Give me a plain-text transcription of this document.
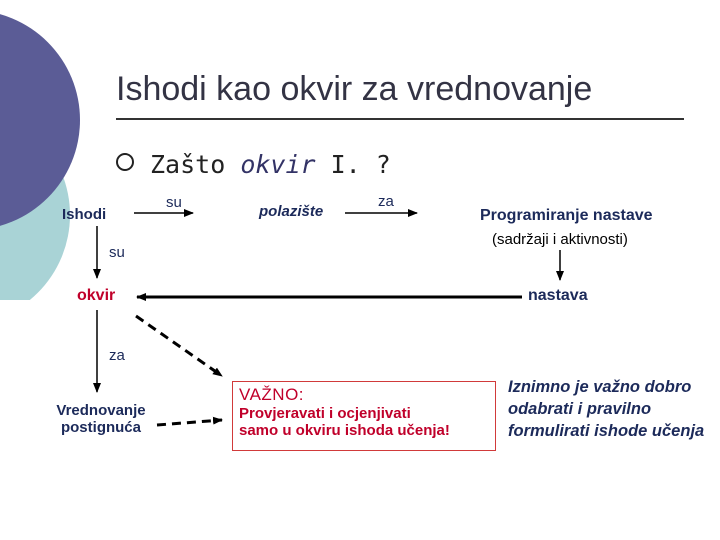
Ishodi kao okvir za vrednovanje
Zašto okvir I. ?
Ishodi
su
polazište
za
Programiranje nastave
(sadržaji i aktivnosti)
su
okvir	nastava
za
Vrednovanje
postignuća
VAŽNO:
Provjeravati i ocjenjivati
samo u okviru ishoda učenja!
Iznimno je važno dobro odabrati i pravilno formulirati ishode učenja
